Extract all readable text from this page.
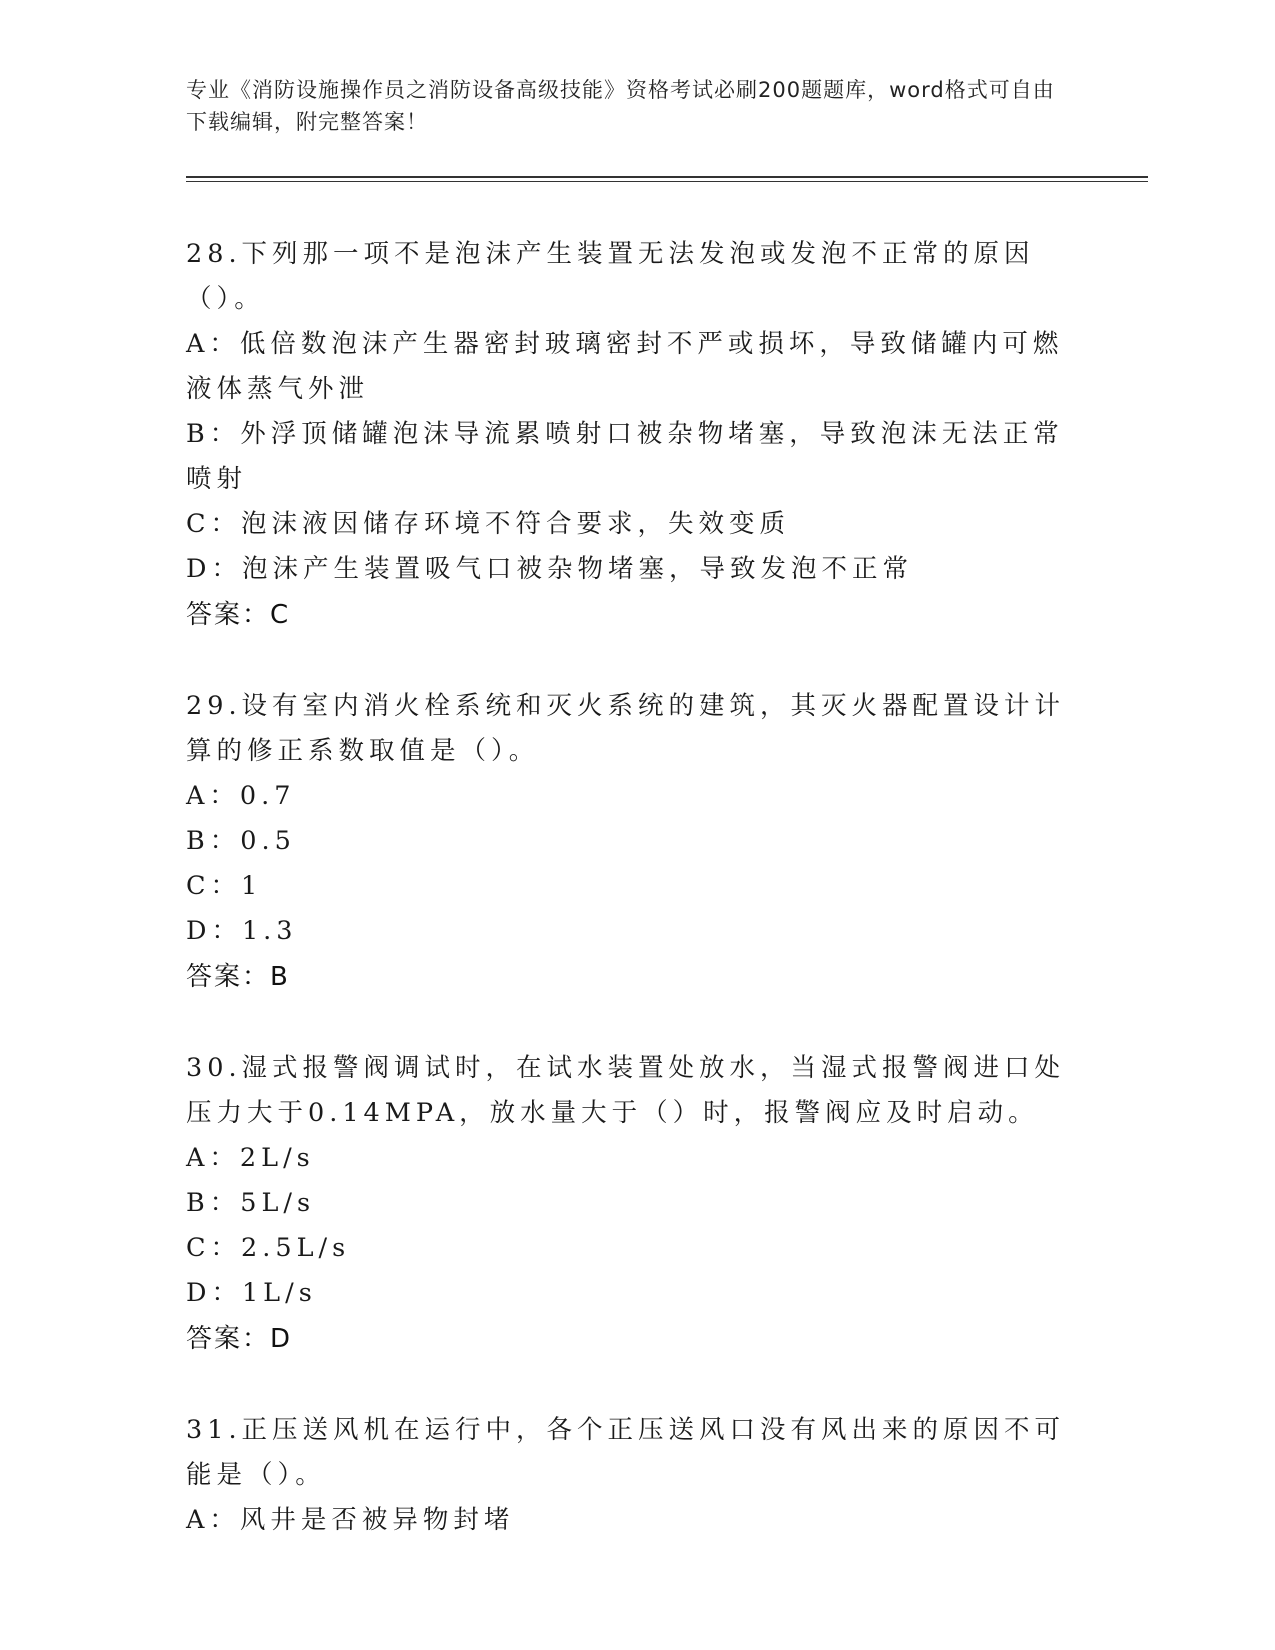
专业《消防设施操作员之消防设备高级技能》资格考试必刷200题题库，word格式可自由下载编辑，附完整答案！
28.下列那一项不是泡沫产生装置无法发泡或发泡不正常的原因（）。
A：低倍数泡沫产生器密封玻璃密封不严或损坏，导致储罐内可燃液体蒸气外泄
B：外浮顶储罐泡沫导流累喷射口被杂物堵塞，导致泡沫无法正常喷射
C：泡沫液因储存环境不符合要求，失效变质
D：泡沫产生装置吸气口被杂物堵塞，导致发泡不正常
答案：C
29.设有室内消火栓系统和灭火系统的建筑，其灭火器配置设计计算的修正系数取值是（）。
A：0.7
B：0.5
C：1
D：1.3
答案：B
30.湿式报警阀调试时，在试水装置处放水，当湿式报警阀进口处压力大于0.14MPA，放水量大于（）时，报警阀应及时启动。
A：2L/s
B：5L/s
C：2.5L/s
D：1L/s
答案：D
31.正压送风机在运行中，各个正压送风口没有风出来的原因不可能是（）。
A：风井是否被异物封堵
